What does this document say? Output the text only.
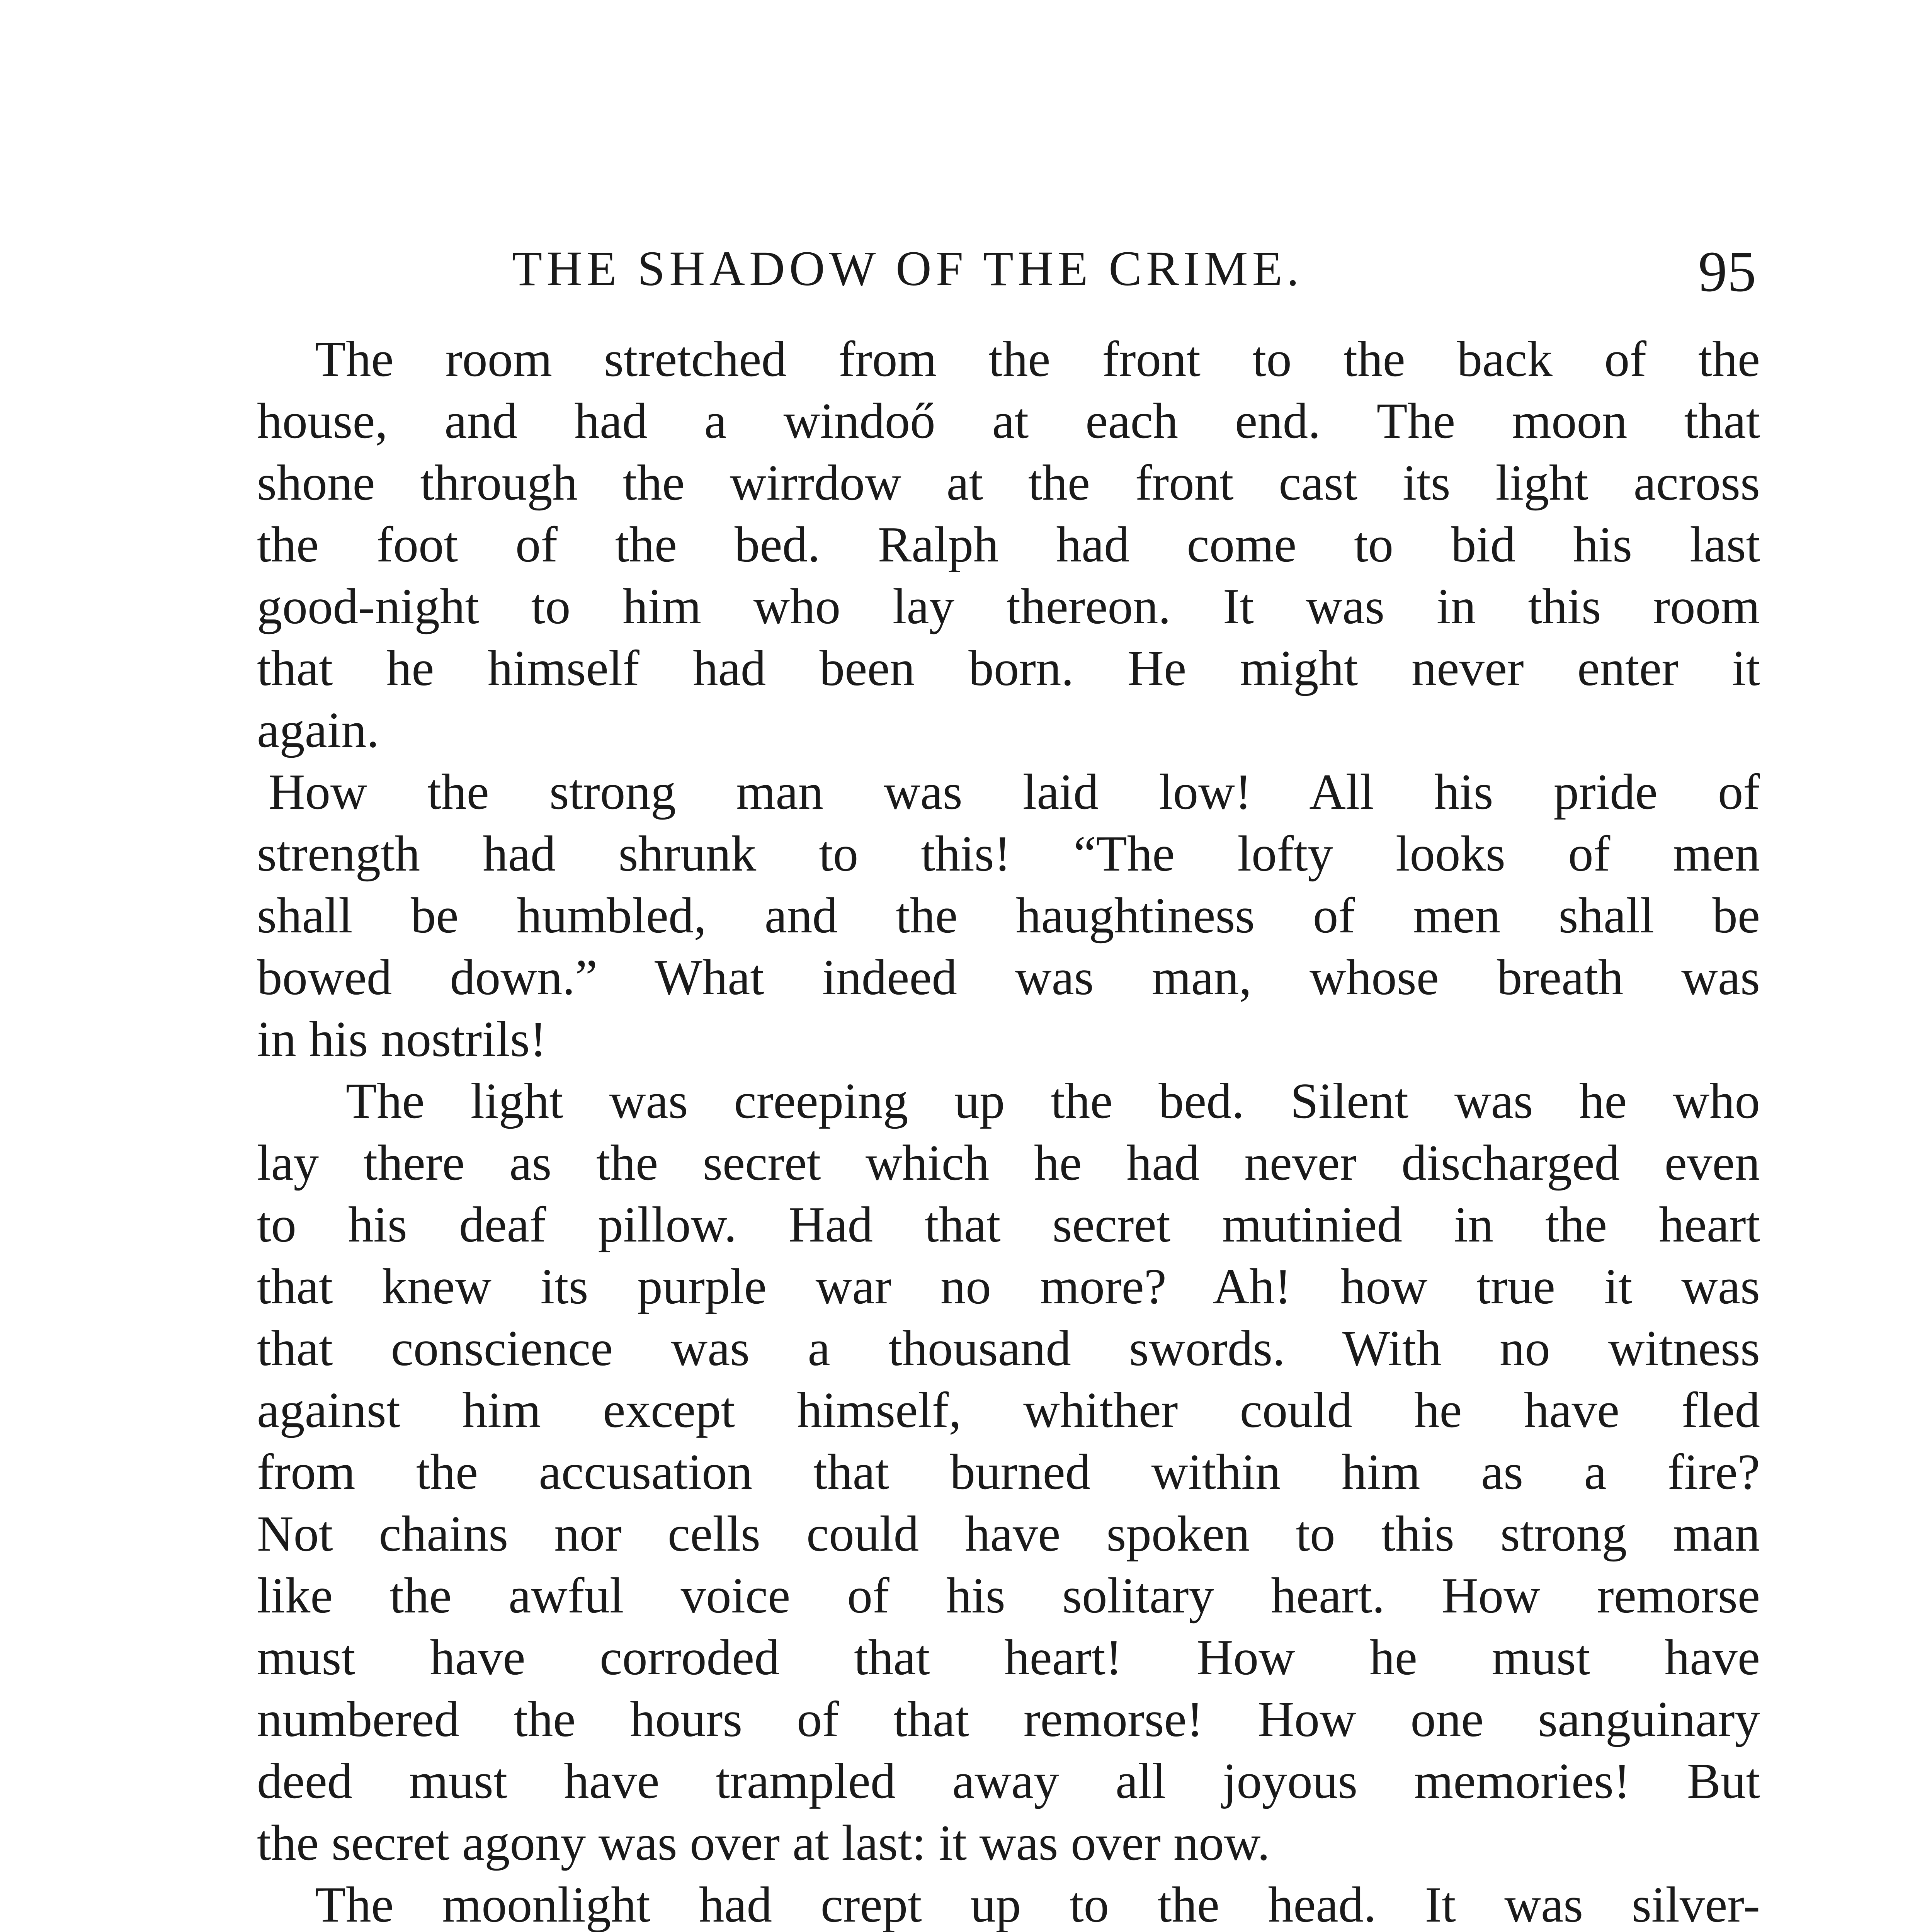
THE SHADOW OF THE CRIME.	95

The room stretched from the front to the back of the
house, and had a windoő at each end. The moon that
shone through the wirrdow at the front cast its light across
the foot of the bed. Ralph had come to bid his last
good-night to him who lay thereon. It was in this room
that he himself had been born. He might never enter it
again.

How the strong man was laid low! All his pride of
strength had shrunk to this! “The lofty looks of men
shall be humbled, and the haughtiness of men shall be
bowed down.” What indeed was man, whose breath was
in his nostrils!

The light was creeping up the bed. Silent was he who
lay there as the secret which he had never discharged even
to his deaf pillow. Had that secret mutinied in the heart
that knew its purple war no more? Ah! how true it was
that conscience was a thousand swords. With no witness
against him except himself, whither could he have fled
from the accusation that burned within him as a fire?
Not chains nor cells could have spoken to this strong man
like the awful voice of his solitary heart. How remorse
must have corroded that heart! How he must have
numbered the hours of that remorse! How one sanguinary
deed must have trampled away all joyous memories! But
the secret agony was over at last: it was over now.

The moonlight had crept up to the head. It was silver-
